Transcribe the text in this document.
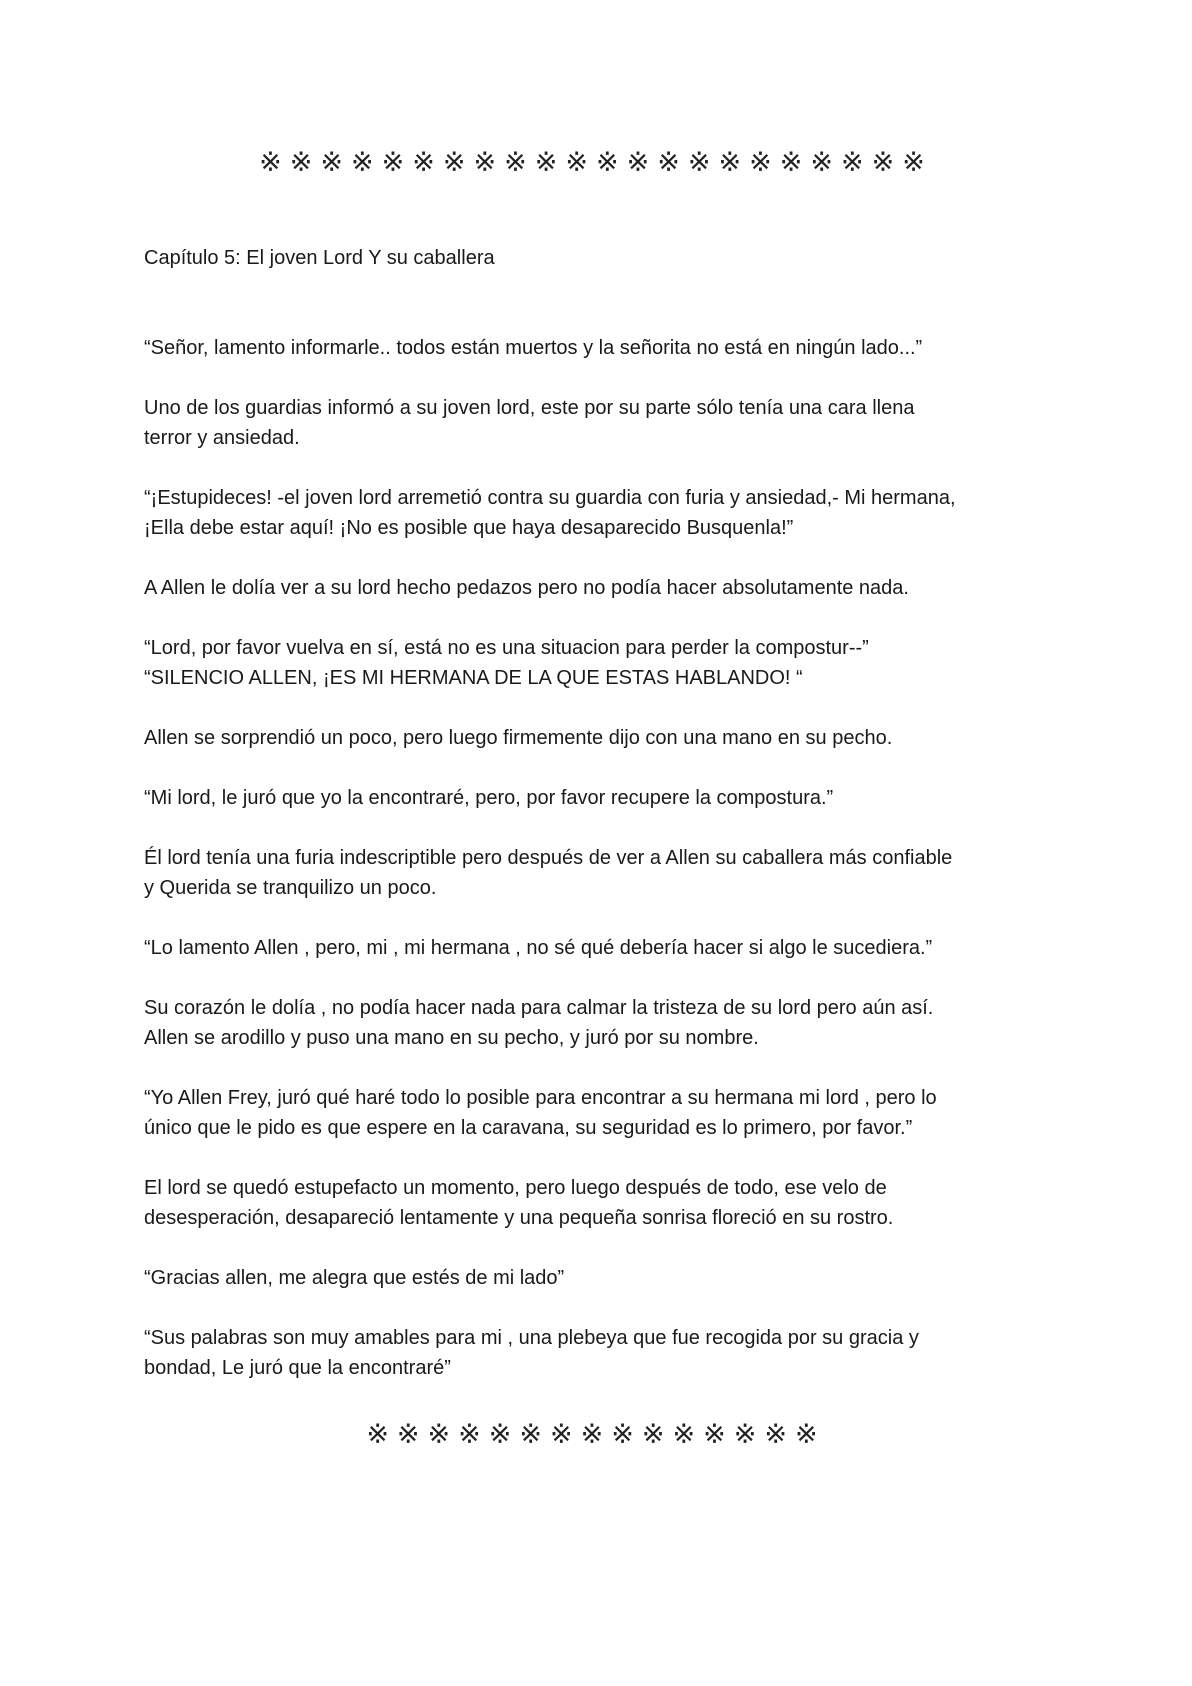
※※※※※※※※※※※※※※※※※※※※※※
Capítulo 5: El joven Lord Y su caballera

“Señor, lamento informarle.. todos están muertos y la señorita no está en ningún lado...”

Uno de los guardias informó a su joven lord, este por su parte sólo tenía una cara llena
terror y ansiedad.

“¡Estupideces! -el joven lord arremetió contra su guardia con furia y ansiedad,- Mi hermana,
¡Ella debe estar aquí! ¡No es posible que haya desaparecido Busquenla!”

A Allen le dolía ver a su lord hecho pedazos pero no podía hacer absolutamente nada.

“Lord, por favor vuelva en sí, está no es una situacion para perder la compostur--”

“SILENCIO ALLEN, ¡ES MI HERMANA DE LA QUE ESTAS HABLANDO! “

Allen se sorprendió un poco, pero luego firmemente dijo con una mano en su pecho.

“Mi lord, le juró que yo la encontraré, pero, por favor recupere la compostura.”

Él lord tenía una furia indescriptible pero después de ver a Allen su caballera más confiable
y Querida se tranquilizo un poco.

“Lo lamento Allen , pero, mi , mi hermana , no sé qué debería hacer si algo le sucediera.”

Su corazón le dolía , no podía hacer nada para calmar la tristeza de su lord pero aún así.
Allen se arodillo y puso una mano en su pecho, y juró por su nombre.

“Yo Allen Frey, juró qué haré todo lo posible para encontrar a su hermana mi lord , pero lo
único que le pido es que espere en la caravana, su seguridad es lo primero, por favor.”

El lord se quedó estupefacto un momento, pero luego después de todo, ese velo de
desesperación, desapareció lentamente y una pequeña sonrisa floreció en su rostro.

“Gracias allen, me alegra que estés de mi lado”

“Sus palabras son muy amables para mi , una plebeya que fue recogida por su gracia y
bondad, Le juró que la encontraré”

※※※※※※※※※※※※※※※
